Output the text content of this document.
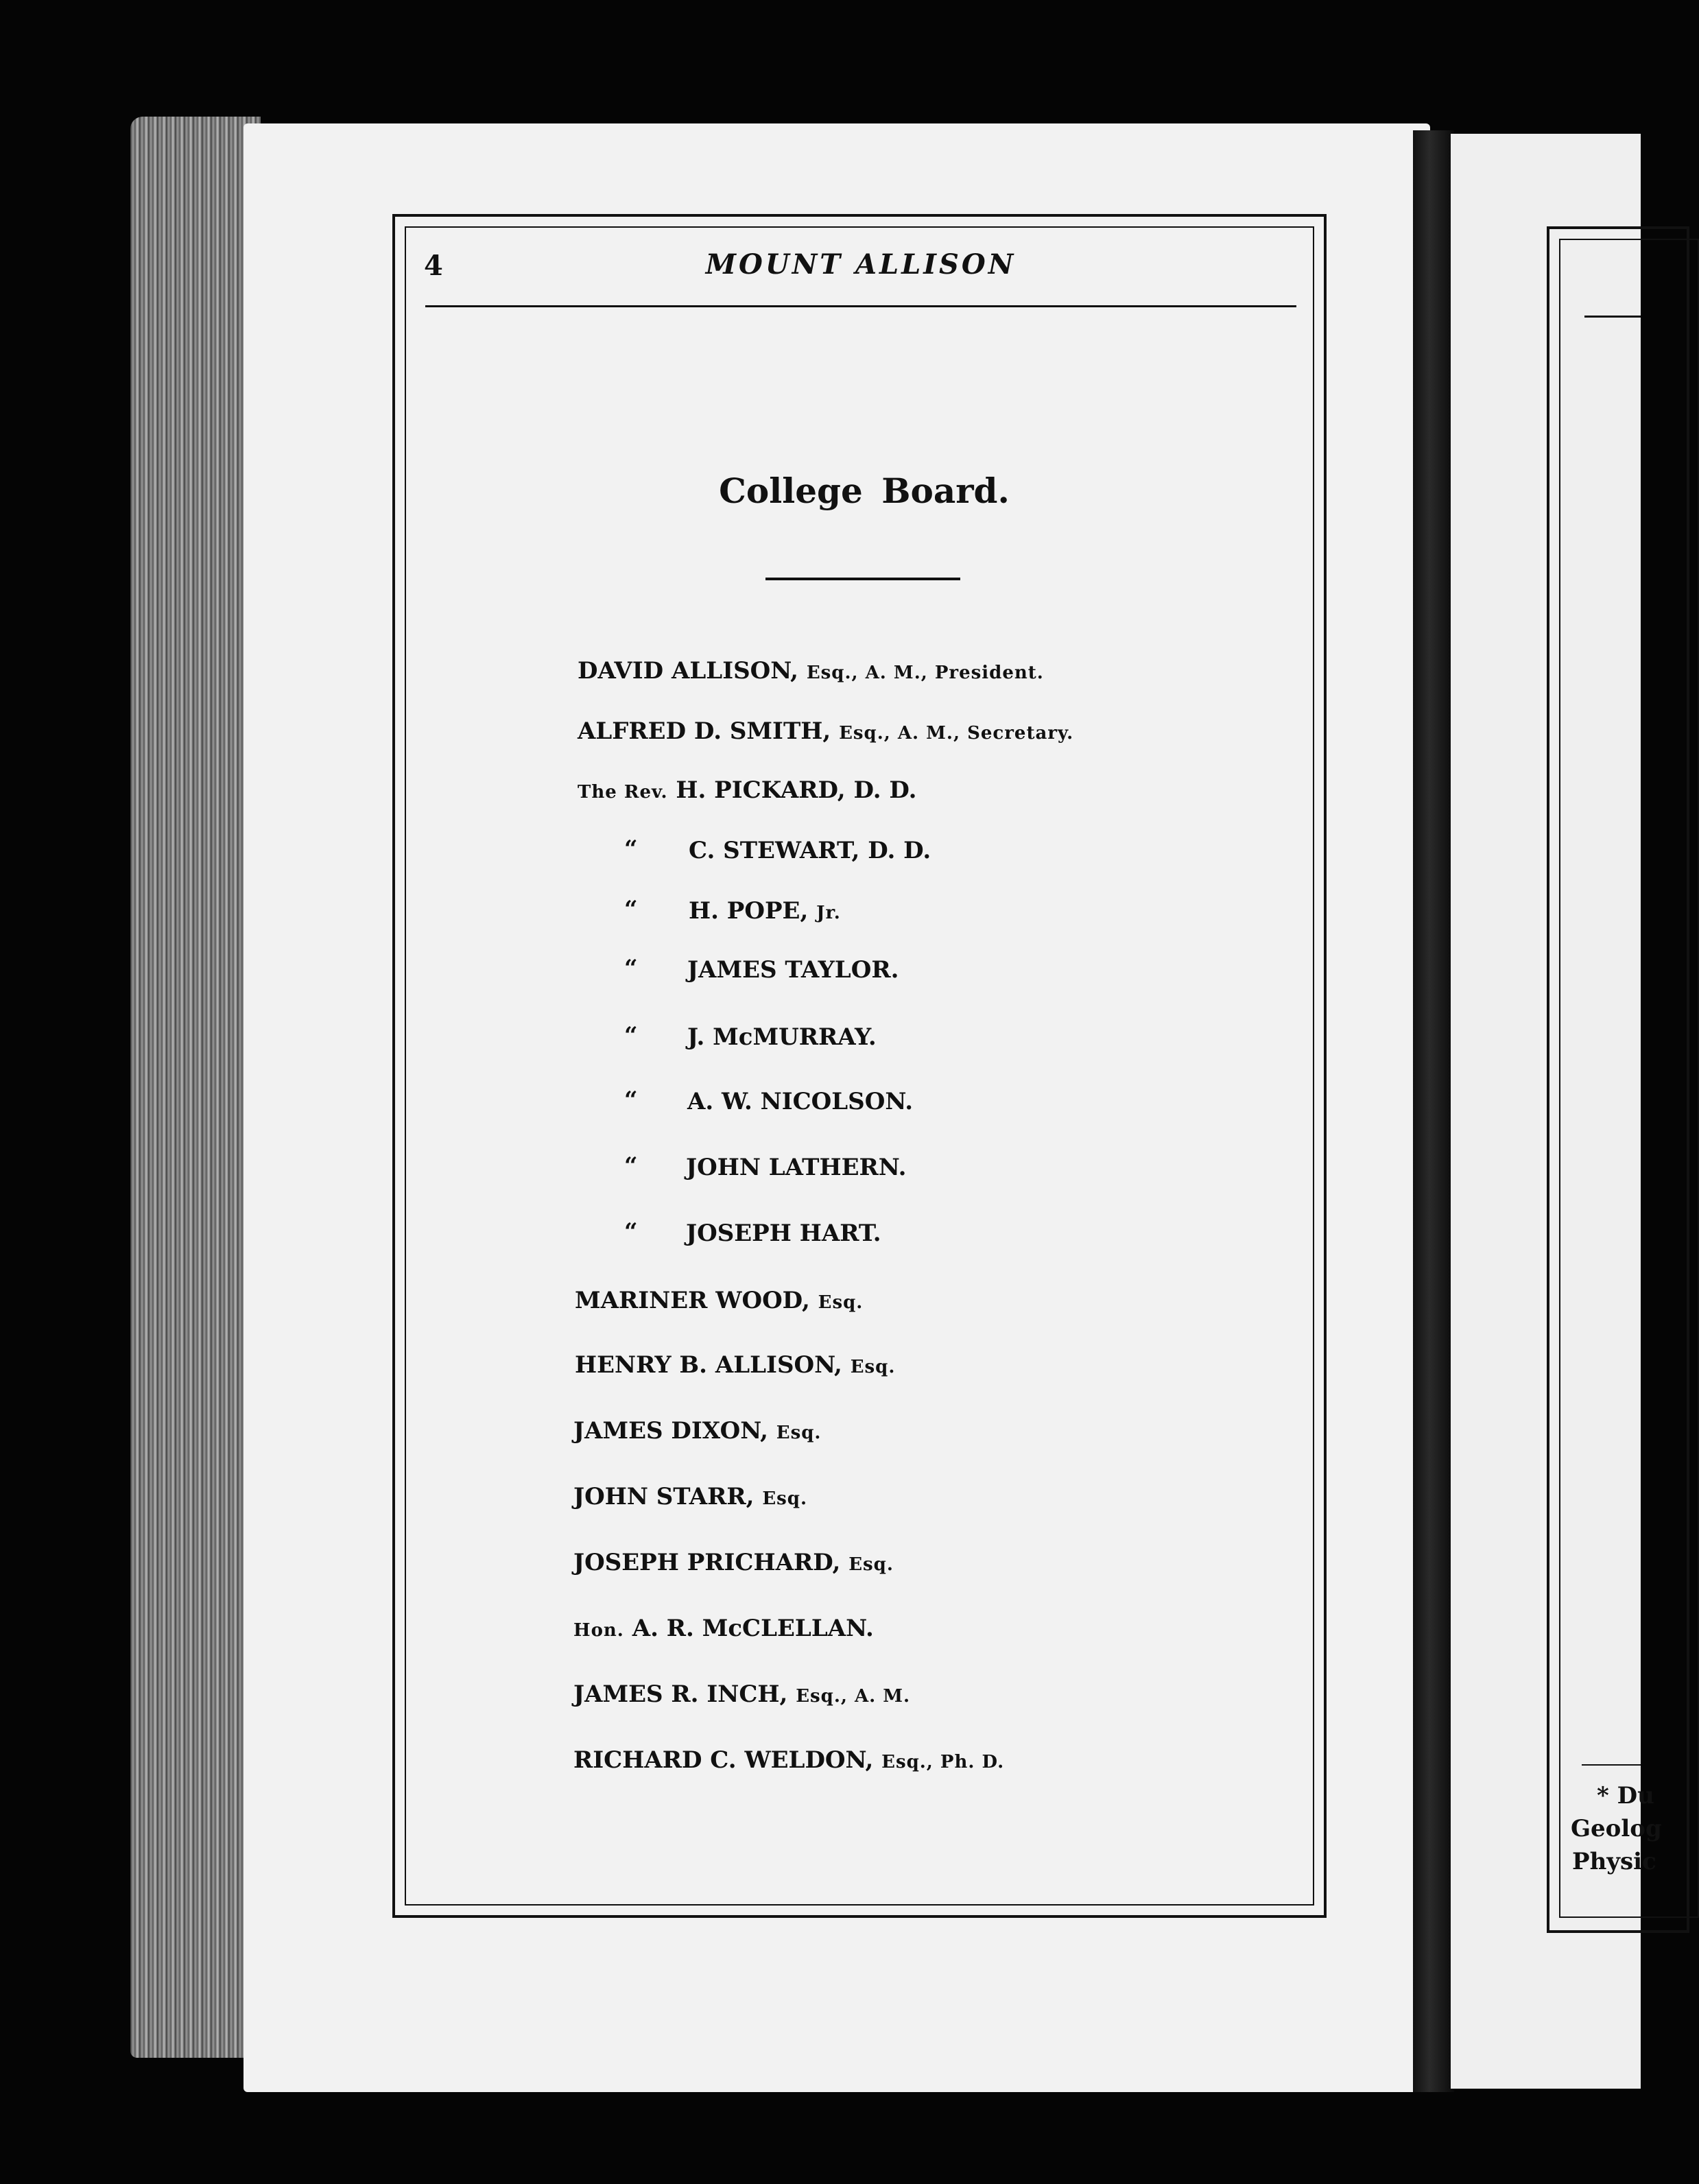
* Du
Geolog
Physic
4	MOUNT ALLISON
College Board.
DAVID ALLISON, Esq., A. M., President.
ALFRED D. SMITH, Esq., A. M., Secretary.
The Rev. H. PICKARD, D. D.
“ C. STEWART, D. D.
“ H. POPE, Jr.
“ JAMES TAYLOR.
“ J. McMURRAY.
“ A. W. NICOLSON.
“ JOHN LATHERN.
“ JOSEPH HART.
MARINER WOOD, Esq.
HENRY B. ALLISON, Esq.
JAMES DIXON, Esq.
JOHN STARR, Esq.
JOSEPH PRICHARD, Esq.
Hon. A. R. McCLELLAN.
JAMES R. INCH, Esq., A. M.
RICHARD C. WELDON, Esq., Ph. D.
